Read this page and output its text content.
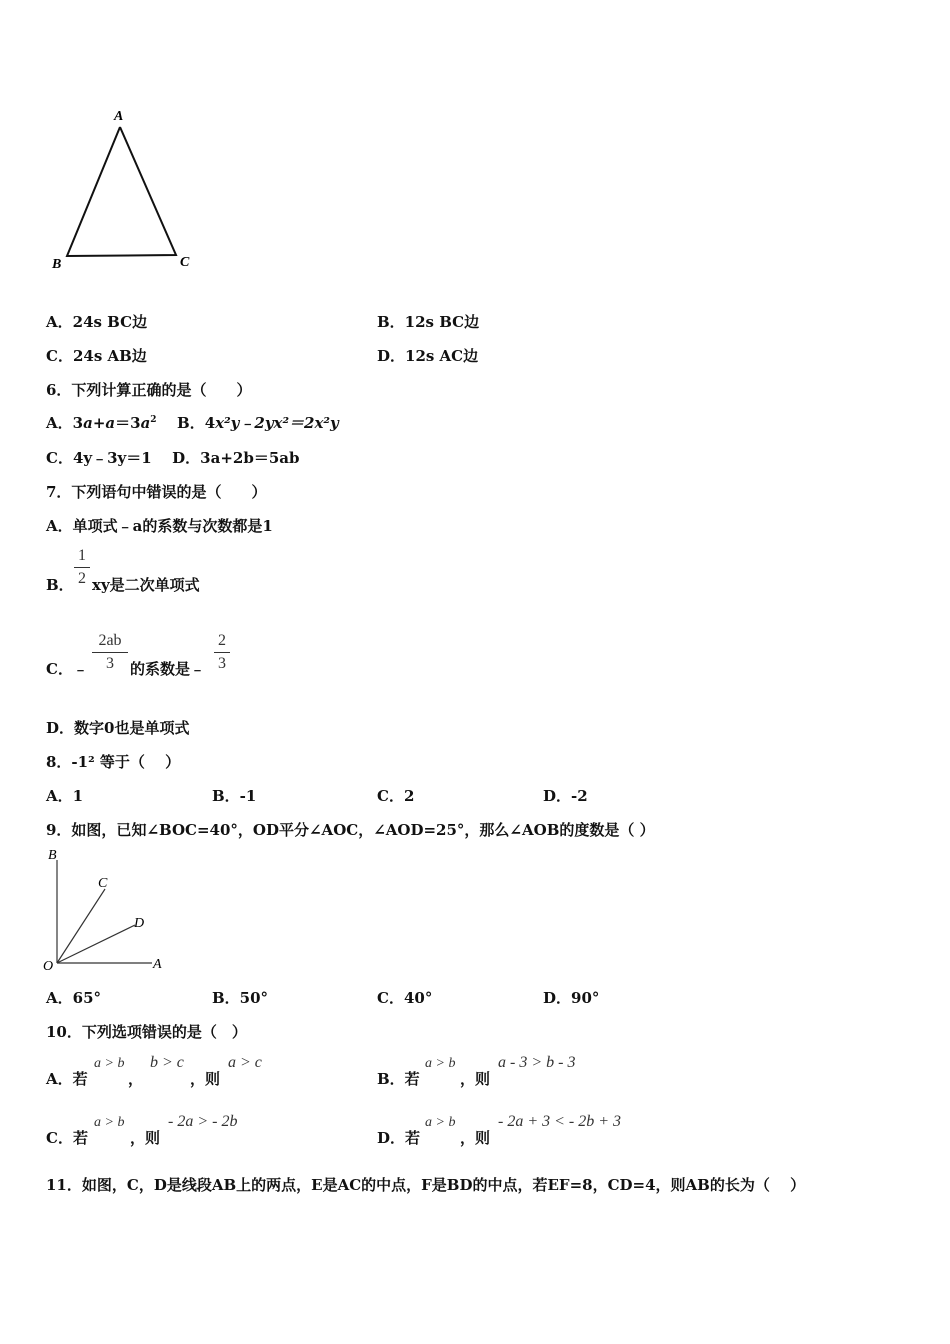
A
B	C
A．24s BC边	B．12s BC边
C．24s AB边	D．12s AC边
6．下列计算正确的是（　　）
A．$3a+a=3a^2$ B．4x²y﹣2yx²＝2x²y
C．4y﹣3y＝1 D．3a+2b＝5ab
7．下列语句中错误的是（　　）
A．单项式﹣a的系数与次数都是1
B．
1
2 xy是二次单项式
C．﹣
2ab
3	的系数是﹣
2
3
D．数字0也是单项式
8．-1² 等于（　 ）
A．1	B．-1	C．2	D．-2
9．如图，已知∠BOC=40°，OD平分∠AOC，∠AOD=25°，那么∠AOB的度数是（ ）
B
C
D
O	A
A．65°	B．50°	C．40°	D．90°
10．下列选项错误的是（　）
A．若
a > b
，
b > c
，则
a > c
B．若
a > b
，则
a - 3 > b - 3
C．若
a > b
，则
- 2a > - 2b
D．若
a > b
，则
- 2a + 3 < - 2b + 3
11．如图，C，D是线段AB上的两点，E是AC的中点，F是BD的中点，若EF=8，CD=4，则AB的长为（　 ）
